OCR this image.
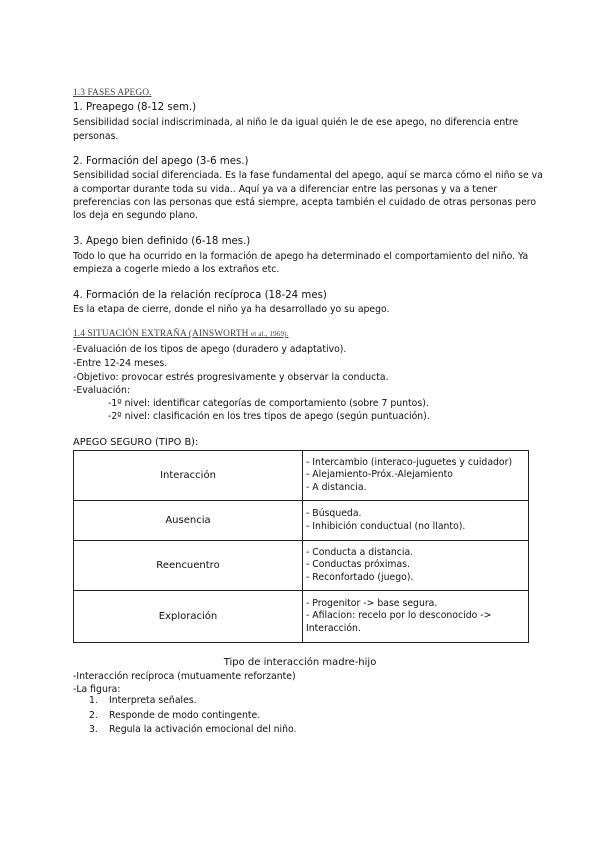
1.3 FASES APEGO.
1. Preapego (8-12 sem.)
Sensibilidad social indiscriminada, al niño le da igual quién le de ese apego, no diferencia entre
personas.
2. Formación del apego (3-6 mes.)
Sensibilidad social diferenciada. Es la fase fundamental del apego, aquí se marca cómo el niño se va
a comportar durante toda su vida.. Aquí ya va a diferenciar entre las personas y va a tener
preferencias con las personas que está siempre, acepta también el cuidado de otras personas pero
los deja en segundo plano.
3. Apego bien definido (6-18 mes.)
Todo lo que ha ocurrido en la formación de apego ha determinado el comportamiento del niño. Ya
empieza a cogerle miedo a los extraños etc.
4. Formación de la relación recíproca (18-24 mes)
Es la etapa de cierre, donde el niño ya ha desarrollado yo su apego.
1.4 SITUACIÓN EXTRAÑA (AINSWORTH et al., 1969).
-Evaluación de los tipos de apego (duradero y adaptativo).
-Entre 12-24 meses.
-Objetivo: provocar estrés progresivamente y observar la conducta.
-Evaluación:
-1º nivel: identificar categorías de comportamiento (sobre 7 puntos).
-2º nivel: clasificación en los tres tipos de apego (según puntuación).
APEGO SEGURO (TIPO B):
Interacción	- Intercambio (interaco-juguetes y cuidador)
- Alejamiento-Próx.-Alejamiento
- A distancia.

Ausencia	- Búsqueda.
- Inhibición conductual (no llanto).

Reencuentro	- Conducta a distancia.
- Conductas próximas.
- Reconfortado (juego).

Exploración	- Progenitor -> base segura.
- Afilacion: recelo por lo desconocido ->
Interacción.
Tipo de interacción madre-hijo
-Interacción recíproca (mutuamente reforzante)
-La figura:
1. Interpreta señales.
2. Responde de modo contingente.
3. Regula la activación emocional del niño.
